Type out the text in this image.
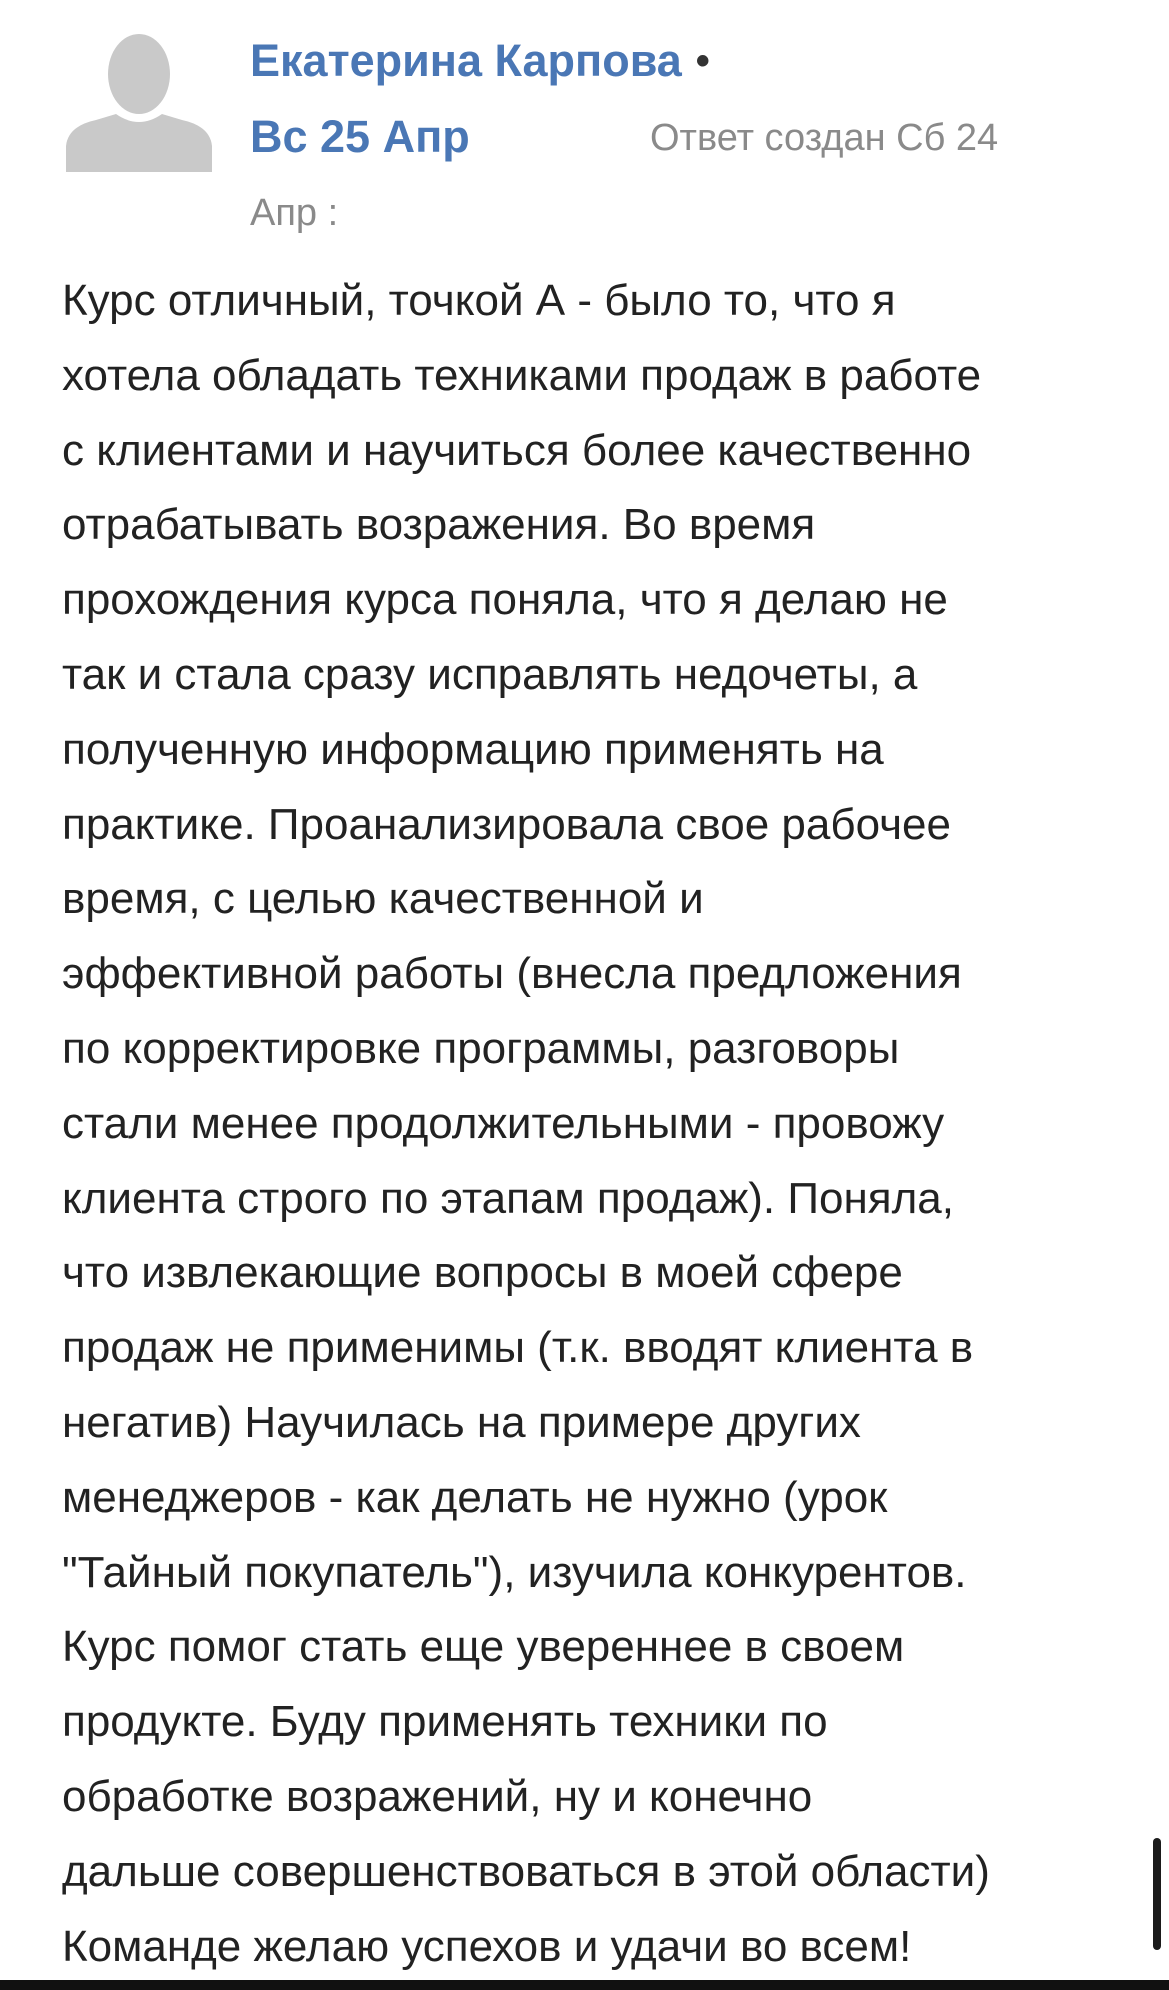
Екатерина Карпова •
Вс 25 Апр	Ответ создан Сб 24
Апр :
Курс отличный, точкой А - было то, что я
хотела обладать техниками продаж в работе
с клиентами и научиться более качественно
отрабатывать возражения. Во время
прохождения курса поняла, что я делаю не
так и стала сразу исправлять недочеты, а
полученную информацию применять на
практике. Проанализировала свое рабочее
время, с целью качественной и
эффективной работы (внесла предложения
по корректировке программы, разговоры
стали менее продолжительными - провожу
клиента строго по этапам продаж). Поняла,
что извлекающие вопросы в моей сфере
продаж не применимы (т.к. вводят клиента в
негатив) Научилась на примере других
менеджеров - как делать не нужно (урок
"Тайный покупатель"), изучила конкурентов.
Курс помог стать еще увереннее в своем
продукте. Буду применять техники по
обработке возражений, ну и конечно
дальше совершенствоваться в этой области)
Команде желаю успехов и удачи во всем!
